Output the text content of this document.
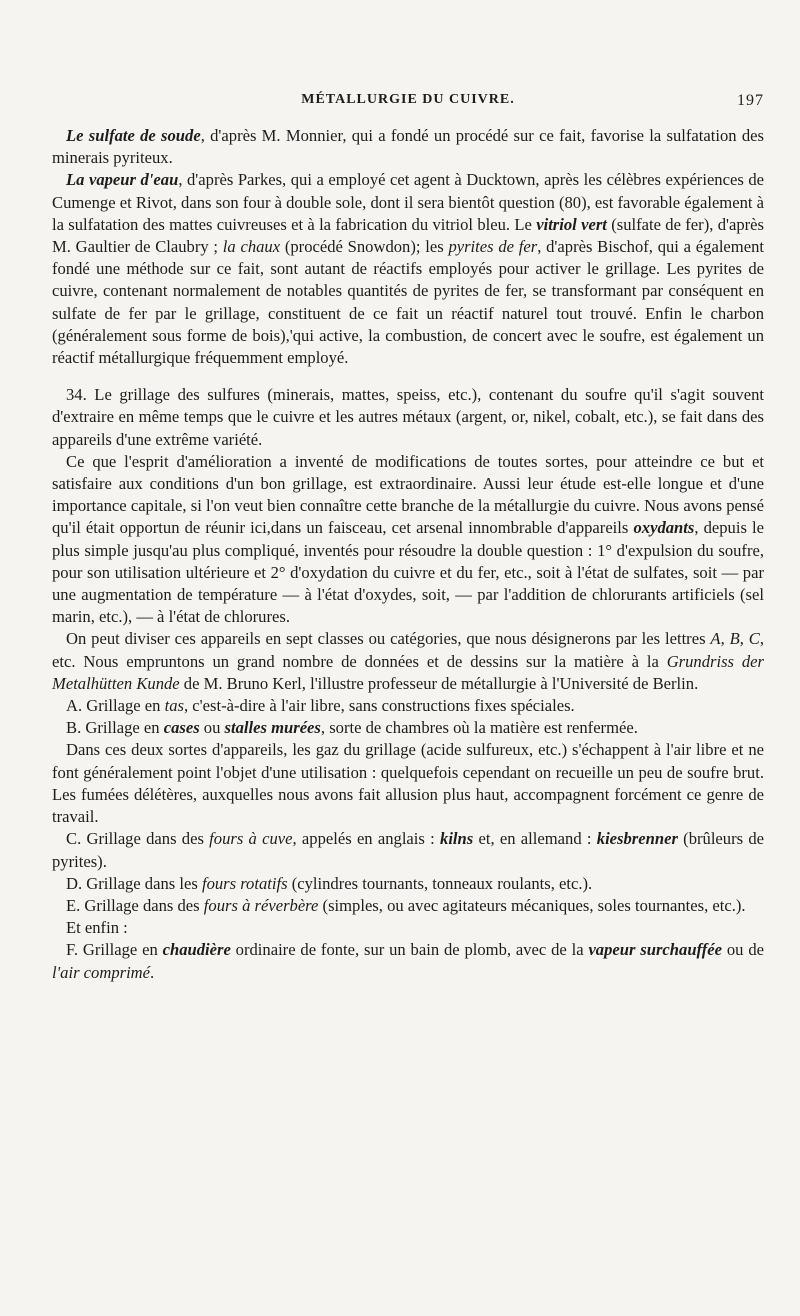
MÉTALLURGIE DU CUIVRE.	197

Le sulfate de soude, d'après M. Monnier, qui a fondé un procédé sur ce fait, favorise la sulfatation des minerais pyriteux.

La vapeur d'eau, d'après Parkes, qui a employé cet agent à Ducktown, après les célèbres expériences de Cumenge et Rivot, dans son four à double sole, dont il sera bientôt question (80), est favorable également à la sulfatation des mattes cuivreuses et à la fabrication du vitriol bleu. Le vitriol vert (sulfate de fer), d'après M. Gaultier de Claubry ; la chaux (procédé Snowdon); les pyrites de fer, d'après Bischof, qui a également fondé une méthode sur ce fait, sont autant de réactifs employés pour activer le grillage. Les pyrites de cuivre, contenant normalement de notables quantités de pyrites de fer, se transformant par conséquent en sulfate de fer par le grillage, constituent de ce fait un réactif naturel tout trouvé. Enfin le charbon (généralement sous forme de bois),'qui active, la combustion, de concert avec le soufre, est également un réactif métallurgique fréquemment employé.

34. Le grillage des sulfures (minerais, mattes, speiss, etc.), contenant du soufre qu'il s'agit souvent d'extraire en même temps que le cuivre et les autres métaux (argent, or, nikel, cobalt, etc.), se fait dans des appareils d'une extrême variété.

Ce que l'esprit d'amélioration a inventé de modifications de toutes sortes, pour atteindre ce but et satisfaire aux conditions d'un bon grillage, est extraordinaire. Aussi leur étude est-elle longue et d'une importance capitale, si l'on veut bien connaître cette branche de la métallurgie du cuivre. Nous avons pensé qu'il était opportun de réunir ici,dans un faisceau, cet arsenal innombrable d'appareils oxydants, depuis le plus simple jusqu'au plus compliqué, inventés pour résoudre la double question : 1° d'expulsion du soufre, pour son utilisation ultérieure et 2° d'oxydation du cuivre et du fer, etc., soit à l'état de sulfates, soit — par une augmentation de température — à l'état d'oxydes, soit, — par l'addition de chlorurants artificiels (sel marin, etc.), — à l'état de chlorures.

On peut diviser ces appareils en sept classes ou catégories, que nous désignerons par les lettres A, B, C, etc. Nous empruntons un grand nombre de données et de dessins sur la matière à la Grundriss der Metalhütten Kunde de M. Bruno Kerl, l'illustre professeur de métallurgie à l'Université de Berlin.

A. Grillage en tas, c'est-à-dire à l'air libre, sans constructions fixes spéciales.

B. Grillage en cases ou stalles murées, sorte de chambres où la matière est renfermée.

Dans ces deux sortes d'appareils, les gaz du grillage (acide sulfureux, etc.) s'échappent à l'air libre et ne font généralement point l'objet d'une utilisation : quelquefois cependant on recueille un peu de soufre brut. Les fumées délétères, auxquelles nous avons fait allusion plus haut, accompagnent forcément ce genre de travail.

C. Grillage dans des fours à cuve, appelés en anglais : kilns et, en allemand : kiesbrenner (brûleurs de pyrites).

D. Grillage dans les fours rotatifs (cylindres tournants, tonneaux roulants, etc.).

E. Grillage dans des fours à réverbère (simples, ou avec agitateurs mécaniques, soles tournantes, etc.).

Et enfin :

F. Grillage en chaudière ordinaire de fonte, sur un bain de plomb, avec de la vapeur surchauffée ou de l'air comprimé.
